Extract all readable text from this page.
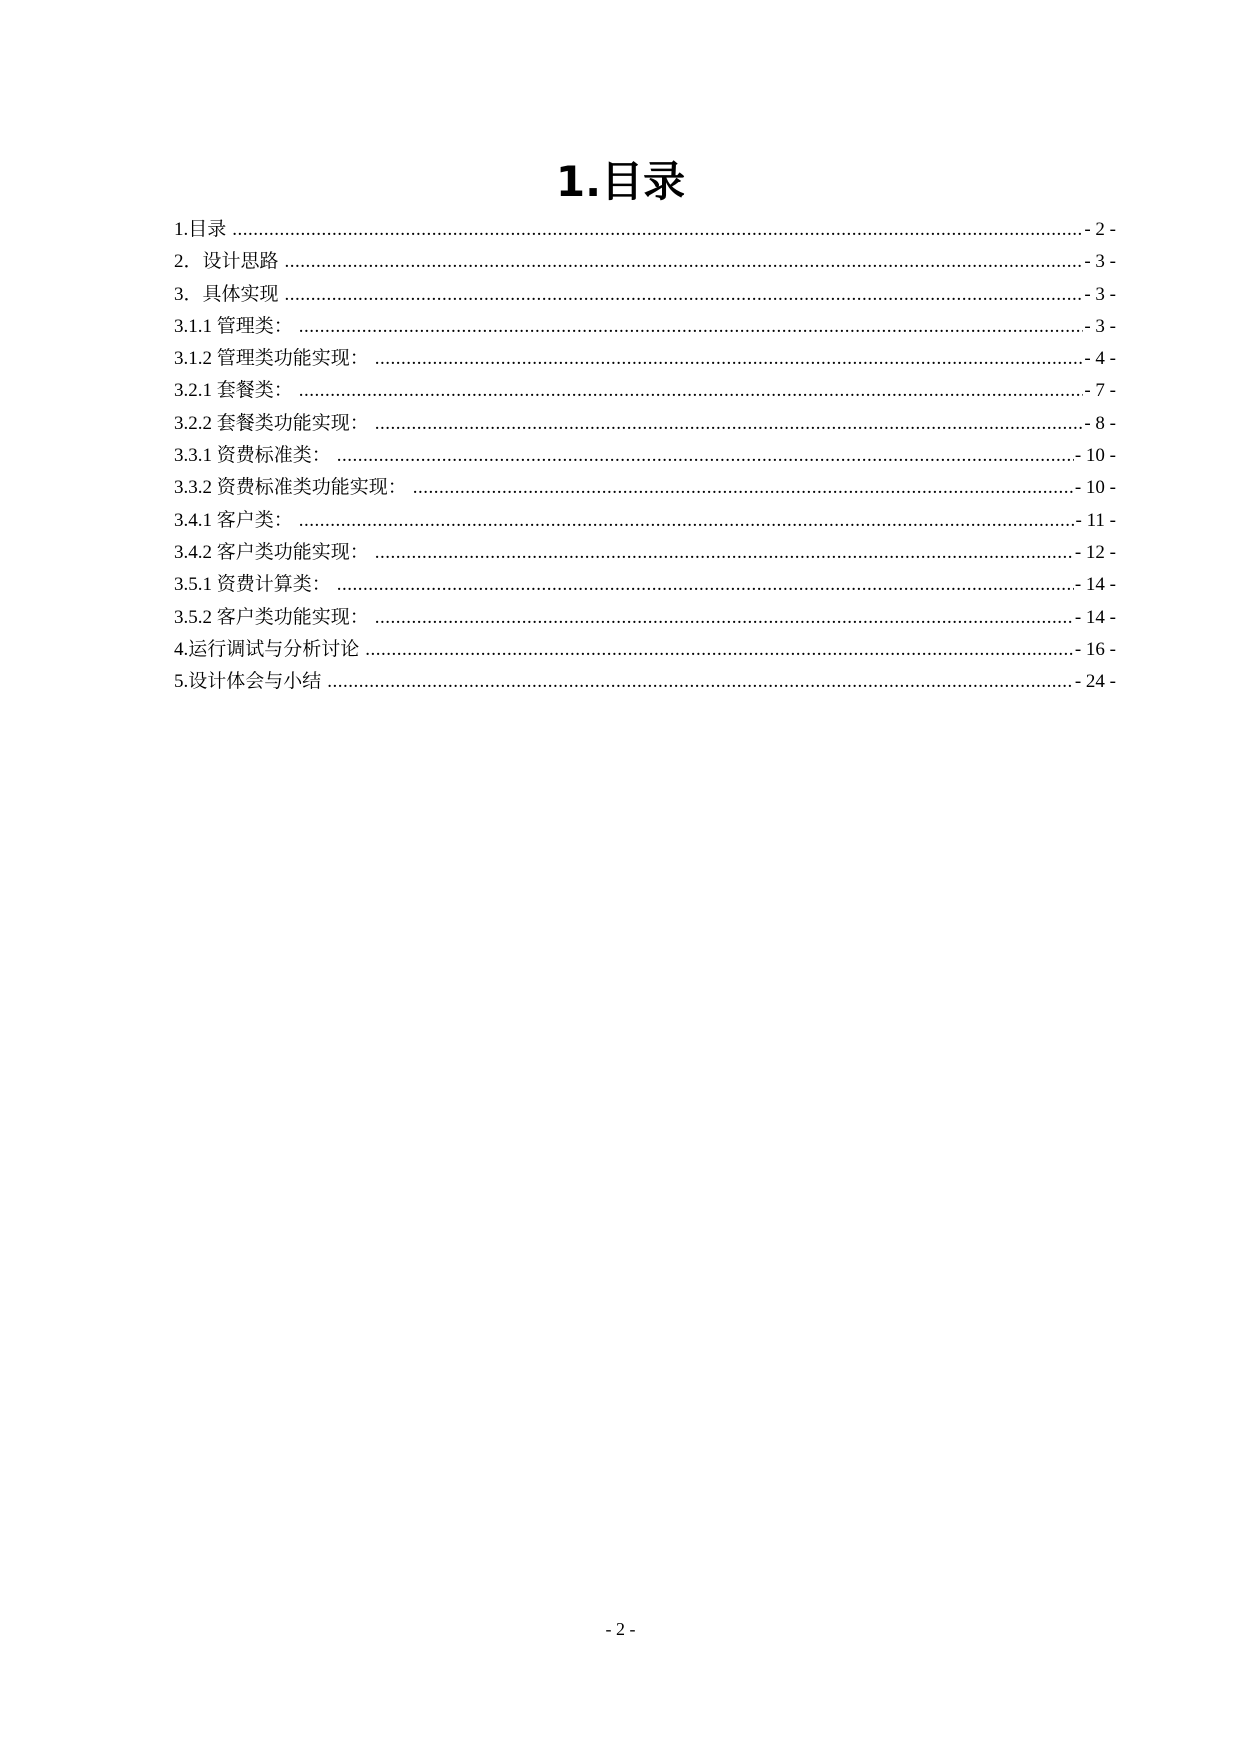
1.目录
1.目录 .....	- 2 -
2．设计思路 .....	- 3 -
3．具体实现 .....	- 3 -
3.1.1 管理类： .....	- 3 -
3.1.2 管理类功能实现： .....	- 4 -
3.2.1 套餐类： .....	- 7 -
3.2.2 套餐类功能实现： .....	- 8 -
3.3.1 资费标准类： .....	- 10 -
3.3.2 资费标准类功能实现： .....	- 10 -
3.4.1 客户类： .....	- 11 -
3.4.2 客户类功能实现： .....	- 12 -
3.5.1 资费计算类： .....	- 14 -
3.5.2 客户类功能实现： .....	- 14 -
4.运行调试与分析讨论 .....	- 16 -
5.设计体会与小结 .....	- 24 -
- 2 -
